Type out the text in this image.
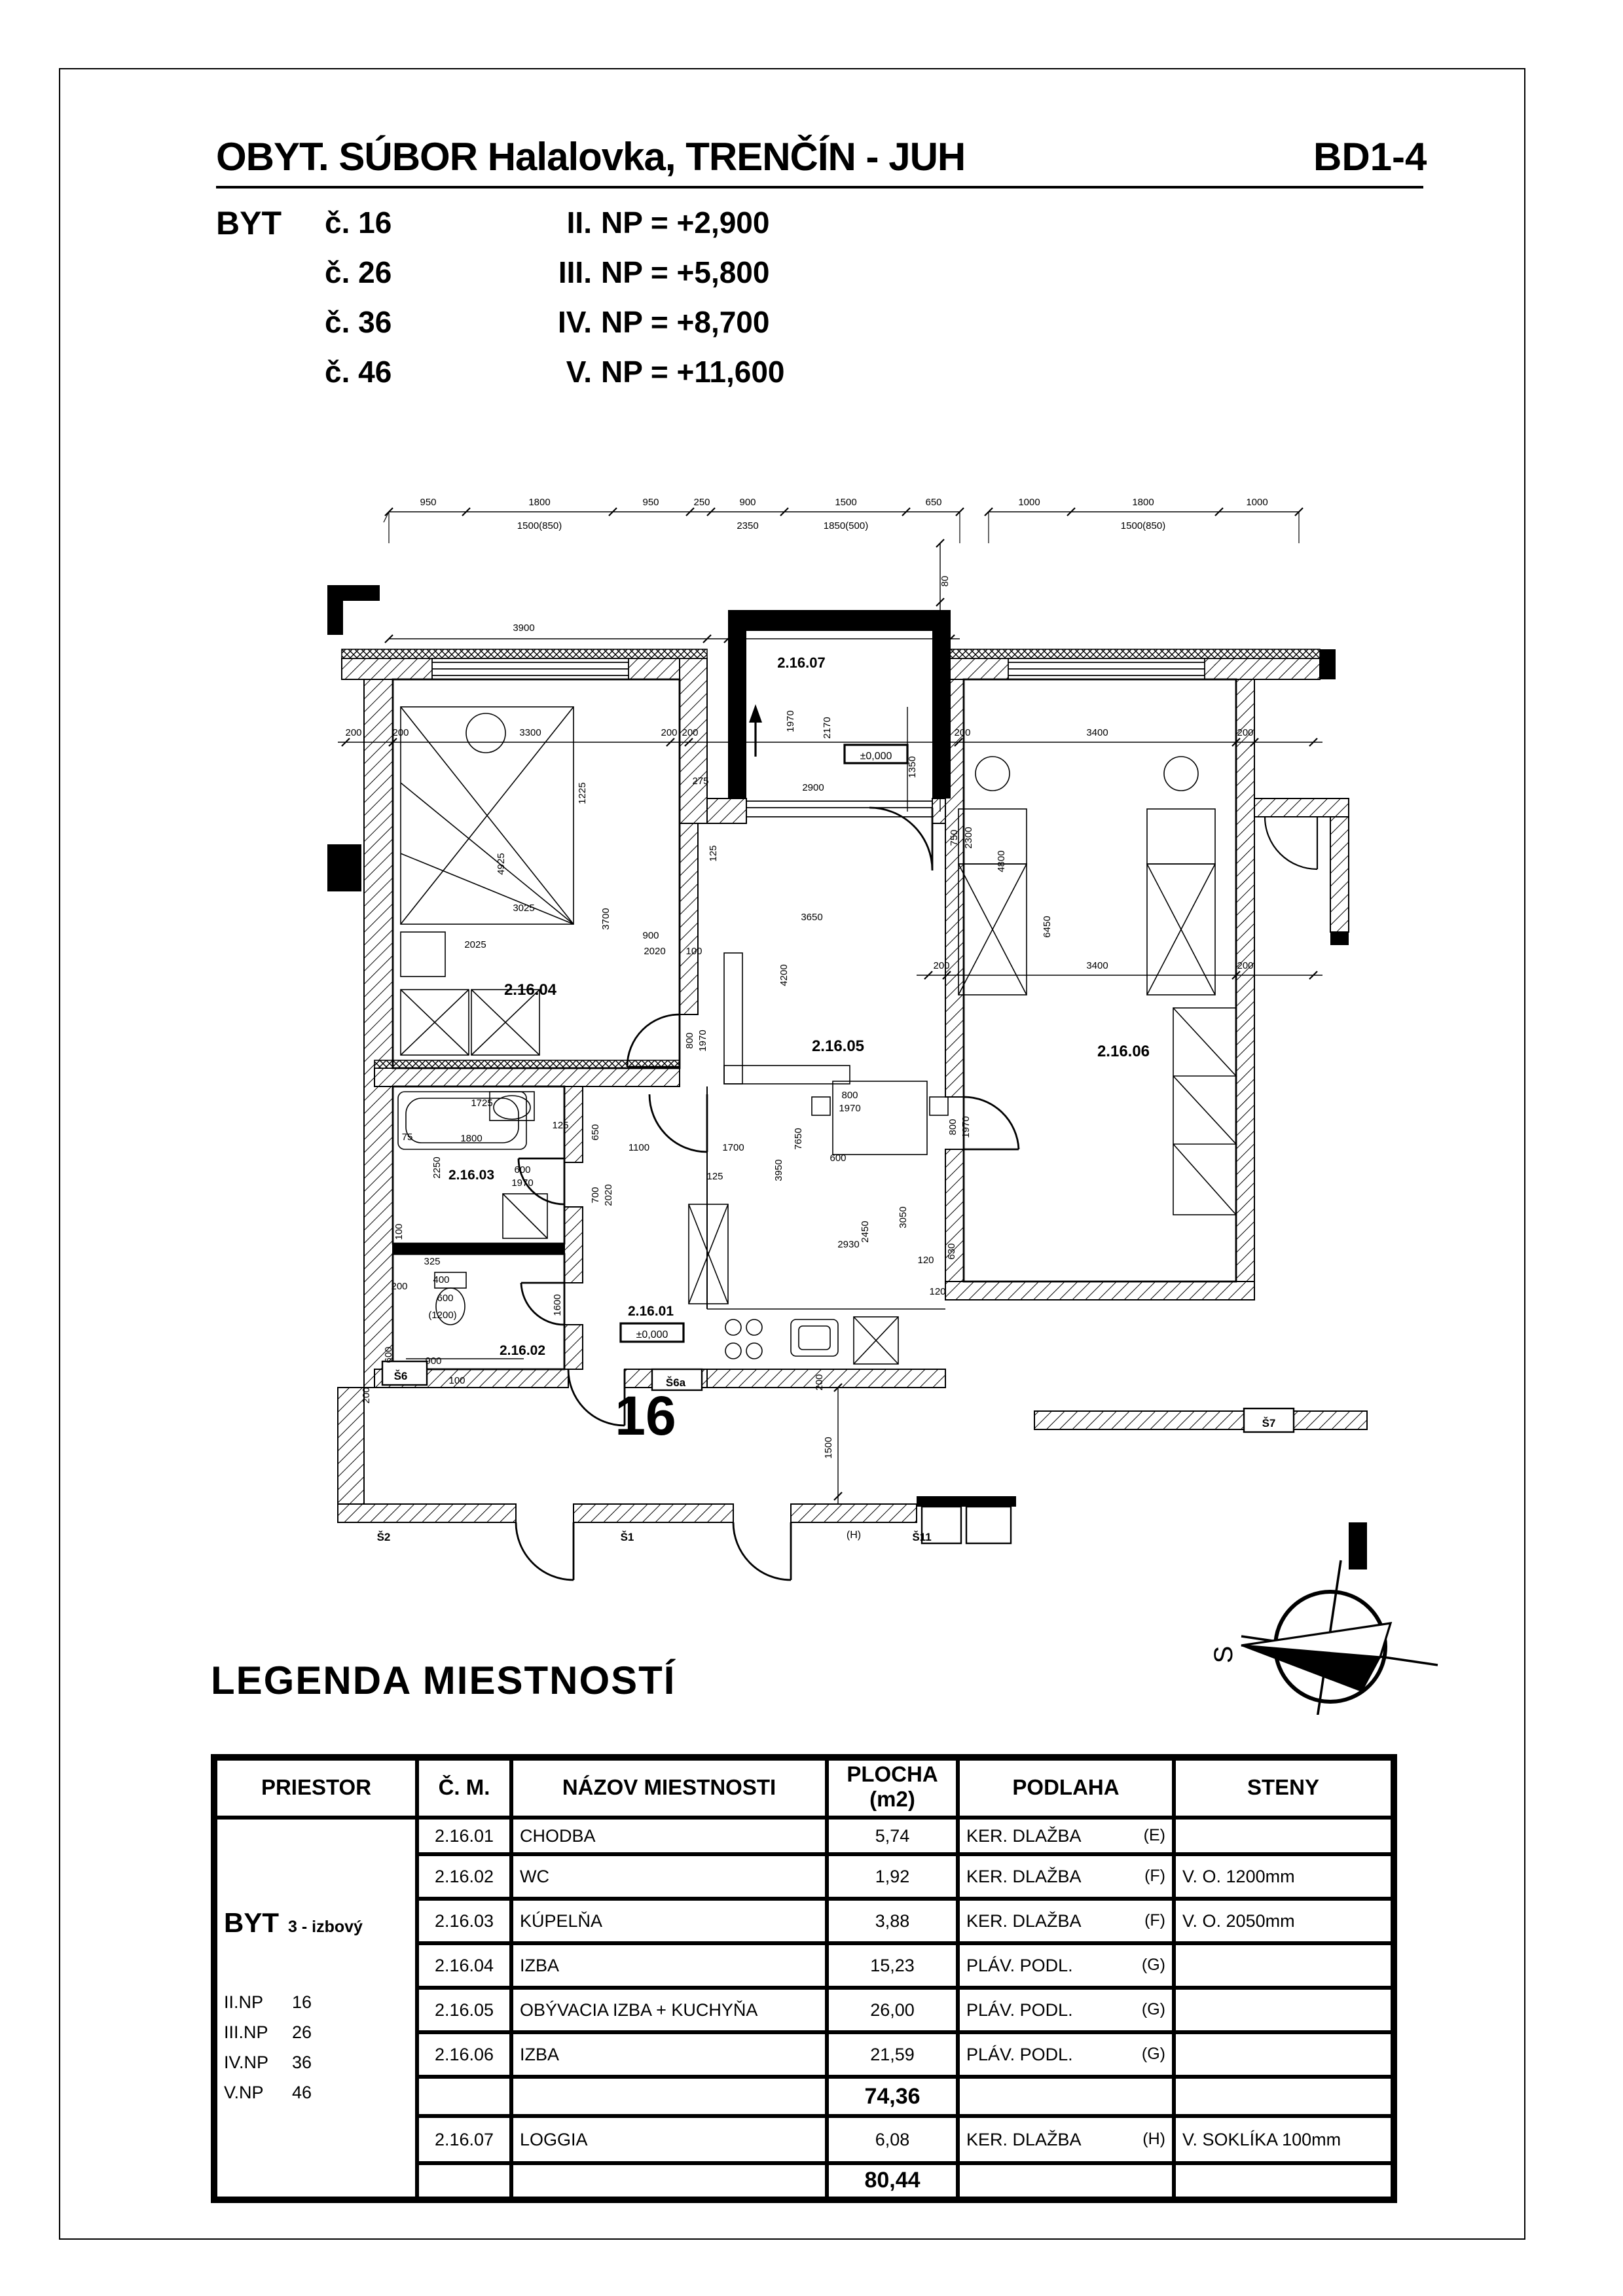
OBYT. SÚBOR Halalovka, TRENČÍN - JUH	BD1-4
BYT	č. 16	II. NP = +2,900
č. 26	III. NP = +5,800
č. 36	IV. NP = +8,700
č. 46	V. NP = +11,600
950	1800	950	250	900	1500	650	1000	1800	1000
1500(850)	2350	1850(500)	1500(850)
3900	3300
80
820
1350
1970	2170
2900
200	200	3300	200 200	200 200	3400	200
1225
275
4925
3025
2025
3700
900
2020	100
125
3650
4200
7650
750 2300
4800
6450
200	3400	200
800
1970
800 1970
800 1970
1725
75	1800
125
2250	600
1970
100
325
400
600
(1200)
200
1600
900
600
100
650
1100
700 2020
1700
3950
600
125
3050
2930
2450
120
630
120
1500
200
200
2.16.07
2.16.04
2.16.05	2.16.06
2.16.03
2.16.02
2.16.01
±0,000
±0,000
16
Š6
Š6a
Š7
Š2	Š1	(H)	Š11
S
LEGENDA MIESTNOSTÍ
PRIESTOR	Č. M.	NÁZOV MIESTNOSTI	PLOCHA
(m2)	PODLAHA	STENY

BYT 3 - izbový
II.NP	16
III.NP	26
IV.NP	36
V.NP	46
	2.16.01	CHODBA	5,74	KER. DLAŽBA	(E)

	2.16.02	WC	1,92	KER. DLAŽBA (F)	V. O. 1200mm
	2.16.03	KÚPELŇA	3,88	KER. DLAŽBA (F)	V. O. 2050mm
	2.16.04	IZBA	15,23	PLÁV. PODL. (G)	

	2.16.05	OBÝVACIA IZBA + KUCHYŇA	26,00	PLÁV. PODL. (G)	

	2.16.06	IZBA	21,59	PLÁV. PODL. (G)	

			74,36		
	2.16.07	LOGGIA	6,08	KER. DLAŽBA (H)	V. SOKLÍKA 100mm
			80,44		
